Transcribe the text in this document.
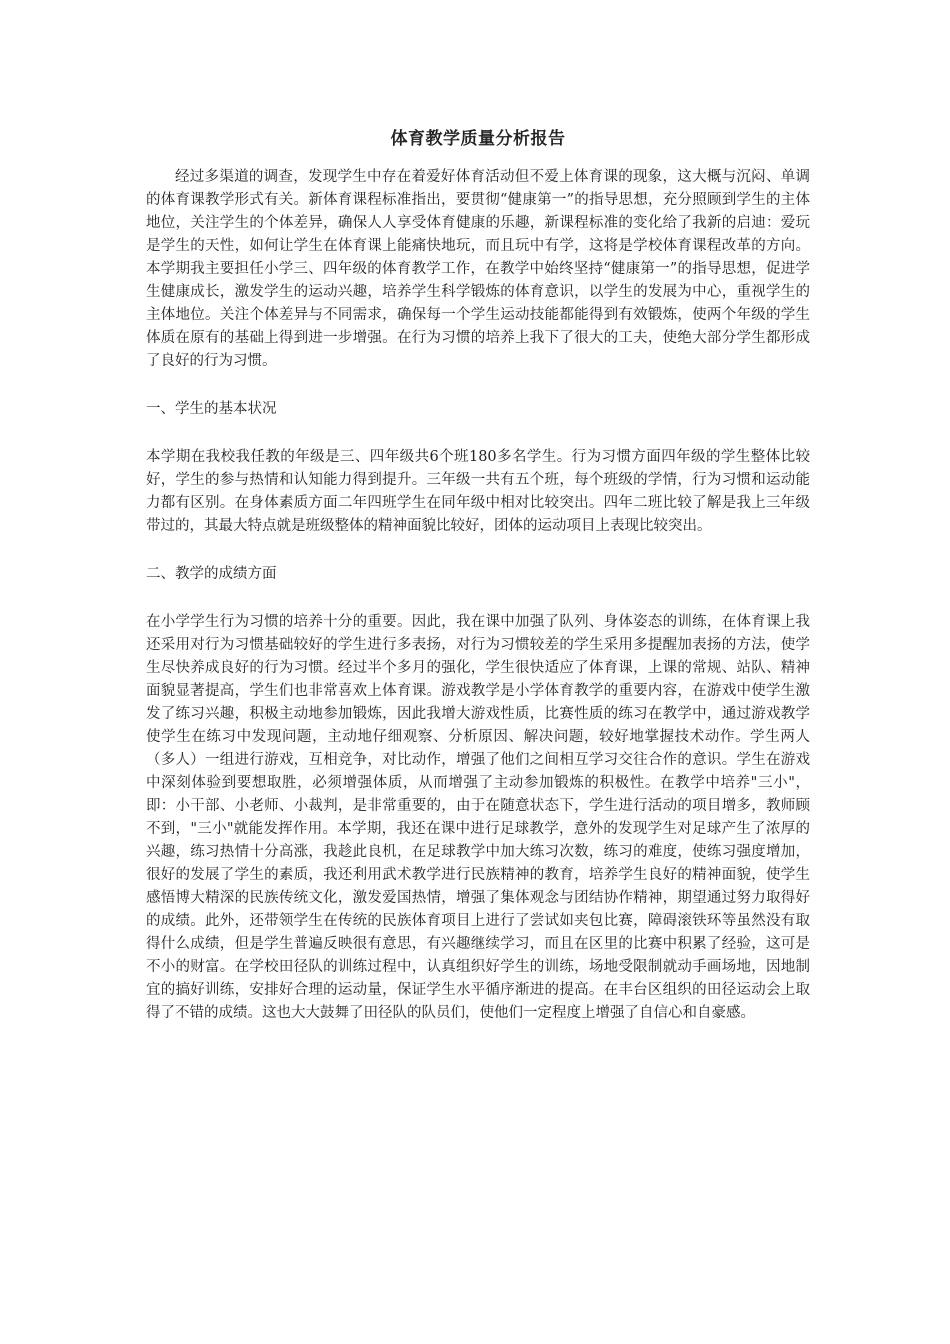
体育教学质量分析报告

经过多渠道的调查，发现学生中存在着爱好体育活动但不爱上体育课的现象，这大概与沉闷、单调的体育课教学形式有关。新体育课程标准指出，要贯彻“健康第一”的指导思想，充分照顾到学生的主体地位，关注学生的个体差异，确保人人享受体育健康的乐趣，新课程标准的变化给了我新的启迪：爱玩是学生的天性，如何让学生在体育课上能痛快地玩，而且玩中有学，这将是学校体育课程改革的方向。本学期我主要担任小学三、四年级的体育教学工作，在教学中始终坚持“健康第一”的指导思想，促进学生健康成长，激发学生的运动兴趣，培养学生科学锻炼的体育意识，以学生的发展为中心，重视学生的主体地位。关注个体差异与不同需求，确保每一个学生运动技能都能得到有效锻炼，使两个年级的学生体质在原有的基础上得到进一步增强。在行为习惯的培养上我下了很大的工夫，使绝大部分学生都形成了良好的行为习惯。

一、学生的基本状况

本学期在我校我任教的年级是三、四年级共6个班180多名学生。行为习惯方面四年级的学生整体比较好，学生的参与热情和认知能力得到提升。三年级一共有五个班，每个班级的学情，行为习惯和运动能力都有区别。在身体素质方面二年四班学生在同年级中相对比较突出。四年二班比较了解是我上三年级带过的，其最大特点就是班级整体的精神面貌比较好，团体的运动项目上表现比较突出。

二、教学的成绩方面

在小学学生行为习惯的培养十分的重要。因此，我在课中加强了队列、身体姿态的训练，在体育课上我还采用对行为习惯基础较好的学生进行多表扬，对行为习惯较差的学生采用多提醒加表扬的方法，使学生尽快养成良好的行为习惯。经过半个多月的强化，学生很快适应了体育课，上课的常规、站队、精神面貌显著提高，学生们也非常喜欢上体育课。游戏教学是小学体育教学的重要内容，在游戏中使学生激发了练习兴趣，积极主动地参加锻炼，因此我增大游戏性质，比赛性质的练习在教学中，通过游戏教学使学生在练习中发现问题，主动地仔细观察、分析原因、解决问题，较好地掌握技术动作。学生两人（多人）一组进行游戏，互相竞争，对比动作，增强了他们之间相互学习交往合作的意识。学生在游戏中深刻体验到要想取胜，必须增强体质，从而增强了主动参加锻炼的积极性。在教学中培养"三小"，即：小干部、小老师、小裁判，是非常重要的，由于在随意状态下，学生进行活动的项目增多，教师顾不到，"三小"就能发挥作用。本学期，我还在课中进行足球教学，意外的发现学生对足球产生了浓厚的兴趣，练习热情十分高涨，我趁此良机，在足球教学中加大练习次数，练习的难度，使练习强度增加，很好的发展了学生的素质，我还利用武术教学进行民族精神的教育，培养学生良好的精神面貌，使学生感悟博大精深的民族传统文化，激发爱国热情，增强了集体观念与团结协作精神，期望通过努力取得好的成绩。此外，还带领学生在传统的民族体育项目上进行了尝试如夹包比赛，障碍滚铁环等虽然没有取得什么成绩，但是学生普遍反映很有意思，有兴趣继续学习，而且在区里的比赛中积累了经验，这可是不小的财富。在学校田径队的训练过程中，认真组织好学生的训练，场地受限制就动手画场地，因地制宜的搞好训练，安排好合理的运动量，保证学生水平循序渐进的提高。在丰台区组织的田径运动会上取得了不错的成绩。这也大大鼓舞了田径队的队员们，使他们一定程度上增强了自信心和自豪感。
